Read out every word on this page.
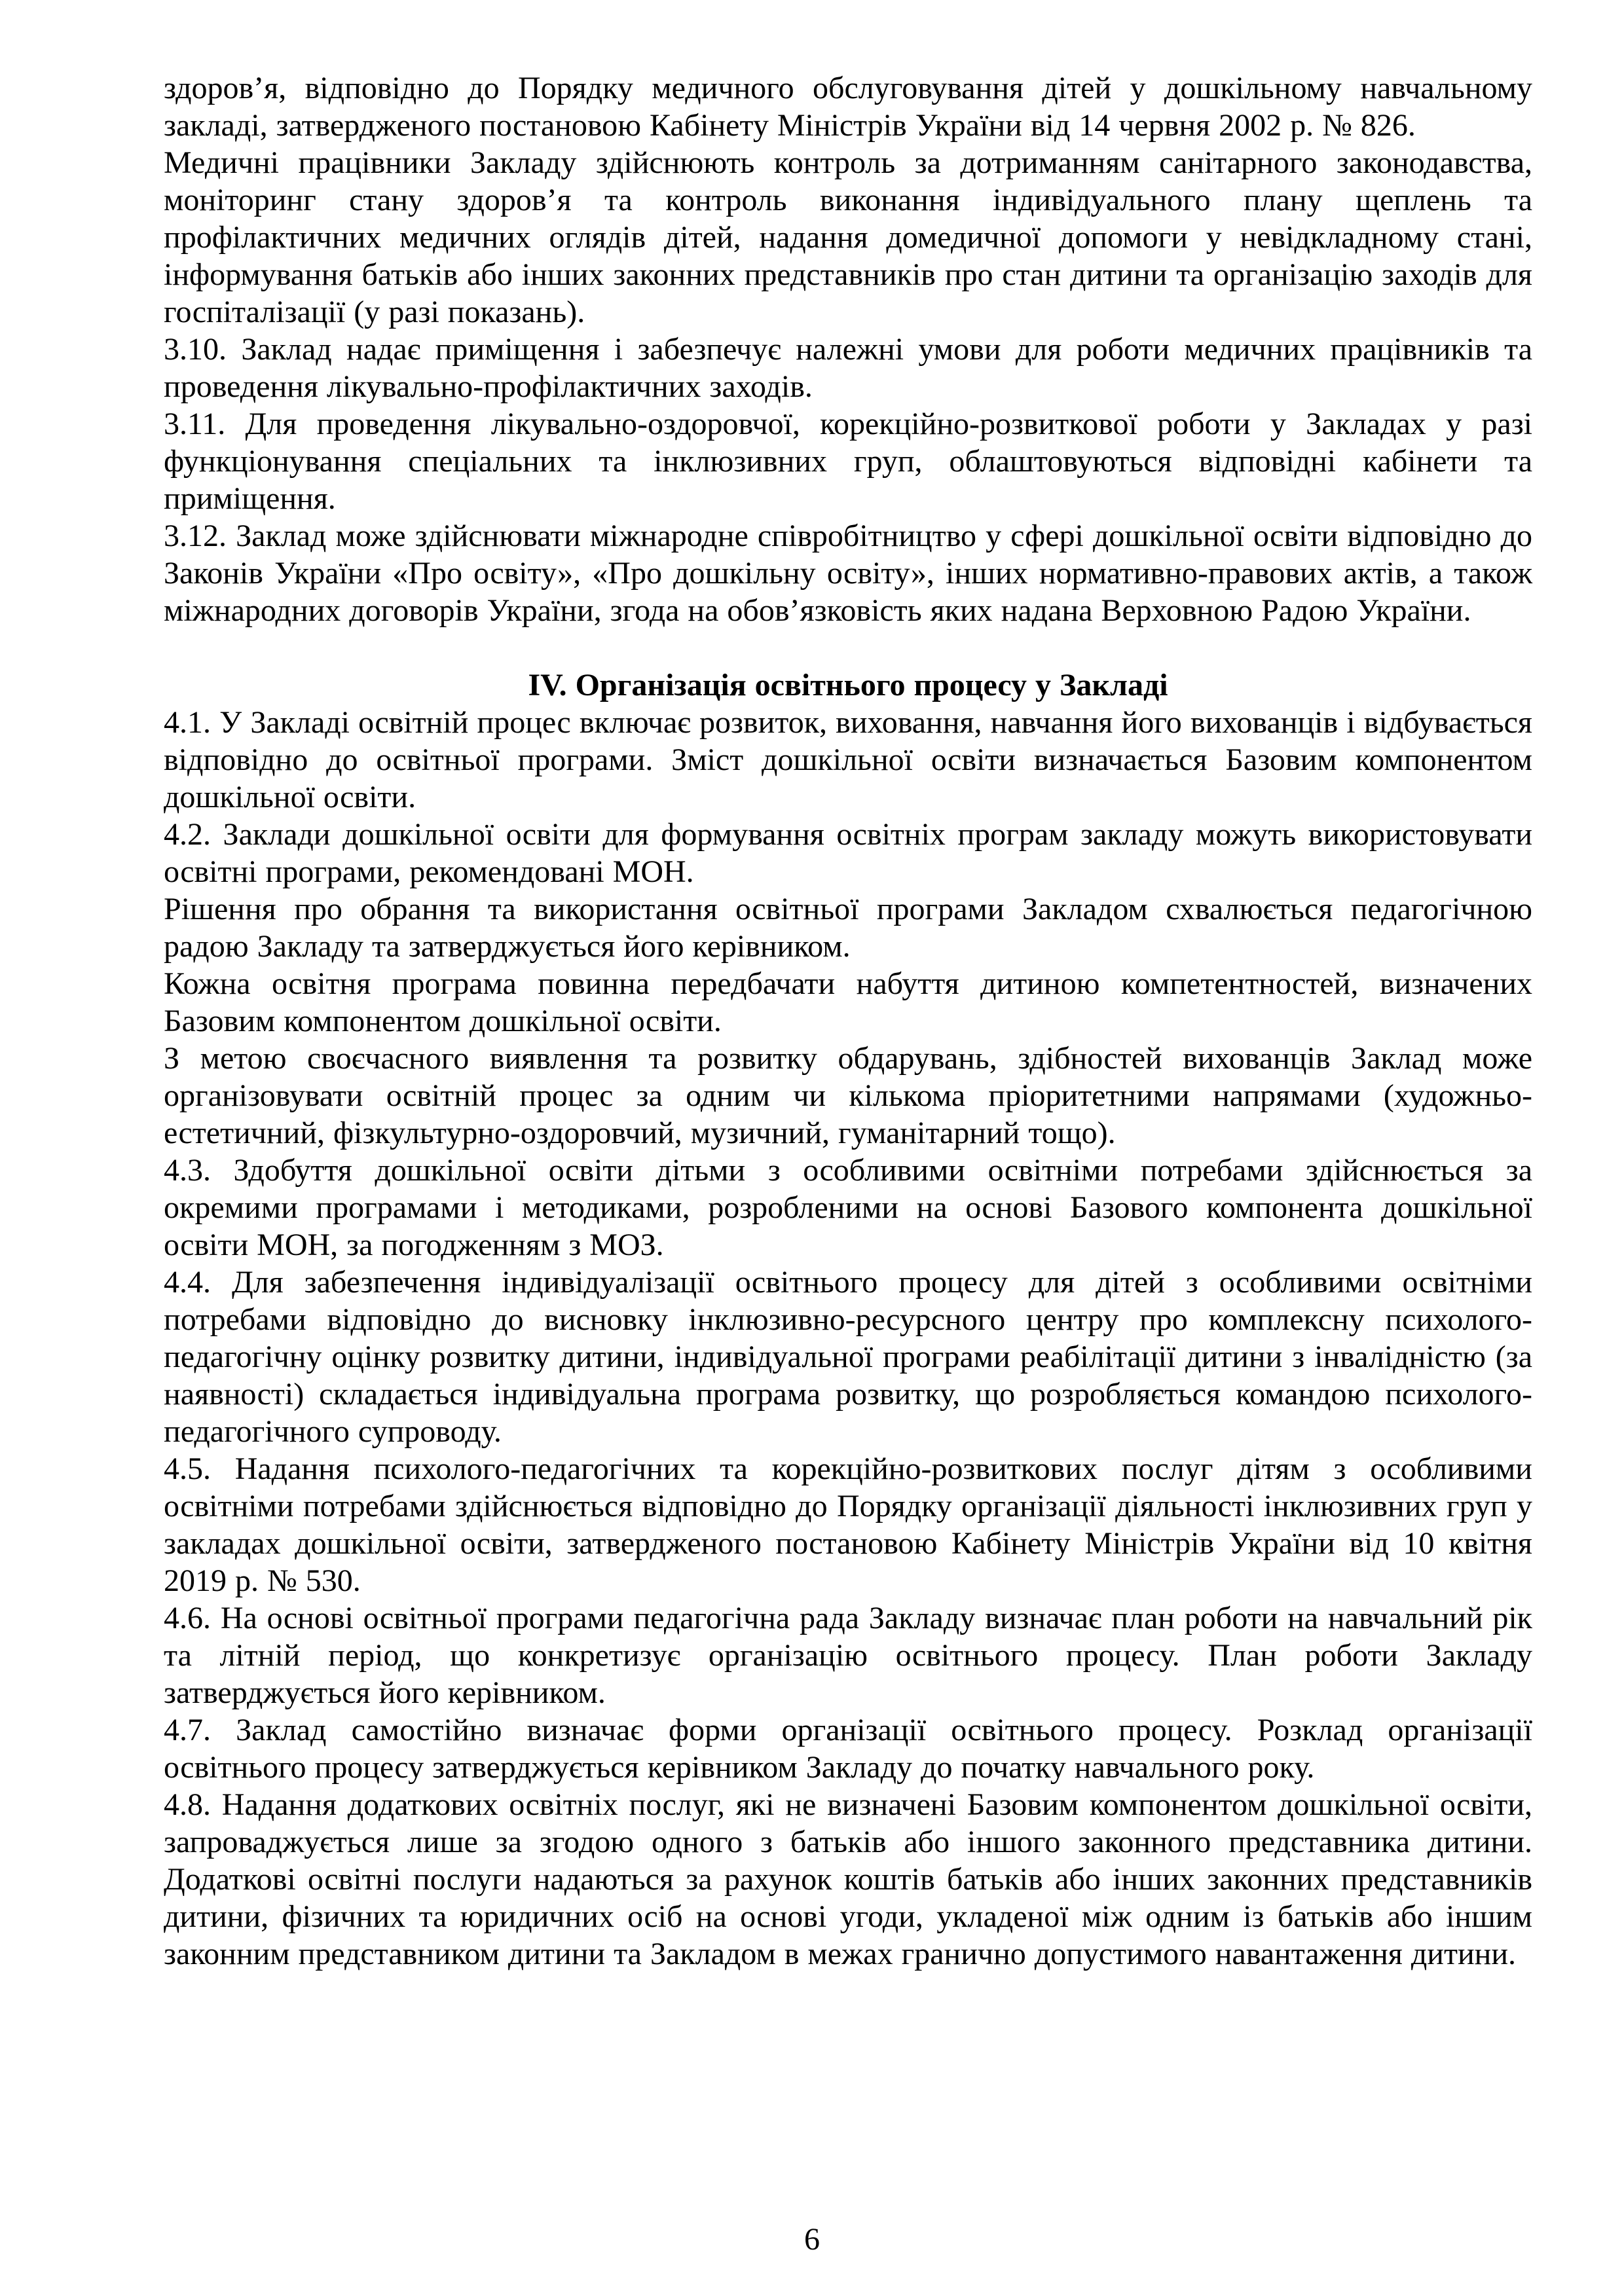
здоров’я, відповідно до Порядку медичного обслуговування дітей у дошкільному навчальному закладі, затвердженого постановою Кабінету Міністрів України від 14 червня 2002 р. № 826.

Медичні працівники Закладу здійснюють контроль за дотриманням санітарного законодавства, моніторинг стану здоров’я та контроль виконання індивідуального плану щеплень та профілактичних медичних оглядів дітей, надання домедичної допомоги у невідкладному стані, інформування батьків або інших законних представників про стан дитини та організацію заходів для госпіталізації (у разі показань).

3.10. Заклад надає приміщення і забезпечує належні умови для роботи медичних працівників та проведення лікувально-профілактичних заходів.

3.11. Для проведення лікувально-оздоровчої, корекційно-розвиткової роботи у Закладах у разі функціонування спеціальних та інклюзивних груп, облаштовуються відповідні кабінети та приміщення.

3.12. Заклад може здійснювати міжнародне співробітництво у сфері дошкільної освіти відповідно до Законів України «Про освіту», «Про дошкільну освіту», інших нормативно-правових актів, а також міжнародних договорів України, згода на обов’язковість яких надана Верховною Радою України.

IV. Організація освітнього процесу у Закладі

4.1. У Закладі освітній процес включає розвиток, виховання, навчання його вихованців і відбувається відповідно до освітньої програми. Зміст дошкільної освіти визначається Базовим компонентом дошкільної освіти.

4.2. Заклади дошкільної освіти для формування освітніх програм закладу можуть використовувати освітні програми, рекомендовані МОН.

Рішення про обрання та використання освітньої програми Закладом схвалюється педагогічною радою Закладу та затверджується його керівником.

Кожна освітня програма повинна передбачати набуття дитиною компетентностей, визначених Базовим компонентом дошкільної освіти.

З метою своєчасного виявлення та розвитку обдарувань, здібностей вихованців Заклад може організовувати освітній процес за одним чи кількома пріоритетними напрямами (художньо-естетичний, фізкультурно-оздоровчий, музичний, гуманітарний тощо).

4.3. Здобуття дошкільної освіти дітьми з особливими освітніми потребами здійснюється за окремими програмами і методиками, розробленими на основі Базового компонента дошкільної освіти МОН, за погодженням з МОЗ.

4.4. Для забезпечення індивідуалізації освітнього процесу для дітей з особливими освітніми потребами відповідно до висновку інклюзивно-ресурсного центру про комплексну психолого-педагогічну оцінку розвитку дитини, індивідуальної програми реабілітації дитини з інвалідністю (за наявності) складається індивідуальна програма розвитку, що розробляється командою психолого-педагогічного супроводу.

4.5. Надання психолого-педагогічних та корекційно-розвиткових послуг дітям з особливими освітніми потребами здійснюється відповідно до Порядку організації діяльності інклюзивних груп у закладах дошкільної освіти, затвердженого постановою Кабінету Міністрів України від 10 квітня 2019 р. № 530.

4.6. На основі освітньої програми педагогічна рада Закладу визначає план роботи на навчальний рік та літній період, що конкретизує організацію освітнього процесу. План роботи Закладу затверджується його керівником.

4.7. Заклад самостійно визначає форми організації освітнього процесу. Розклад організації освітнього процесу затверджується керівником Закладу до початку навчального року.

4.8. Надання додаткових освітніх послуг, які не визначені Базовим компонентом дошкільної освіти, запроваджується лише за згодою одного з батьків або іншого законного представника дитини. Додаткові освітні послуги надаються за рахунок коштів батьків або інших законних представників дитини, фізичних та юридичних осіб на основі угоди, укладеної між одним із батьків або іншим законним представником дитини та Закладом в межах гранично допустимого навантаження дитини.

6
